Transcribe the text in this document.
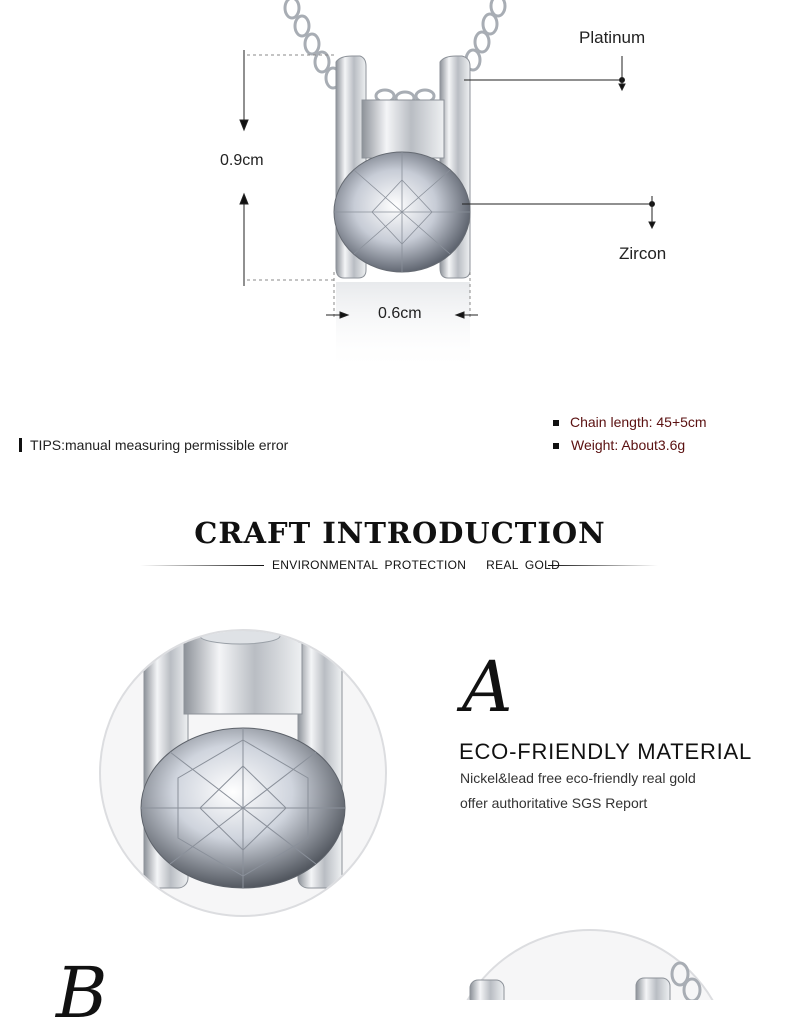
Platinum
Zircon
0.9cm
0.6cm
Chain length: 45+5cm
Weight: About3.6g
TIPS:manual measuring permissible error
CRAFT INTRODUCTION
ENVIRONMENTAL PROTECTION   REAL GOLD
A
ECO-FRIENDLY MATERIAL
Nickel&lead free eco-friendly real gold
offer authoritative SGS Report
B
